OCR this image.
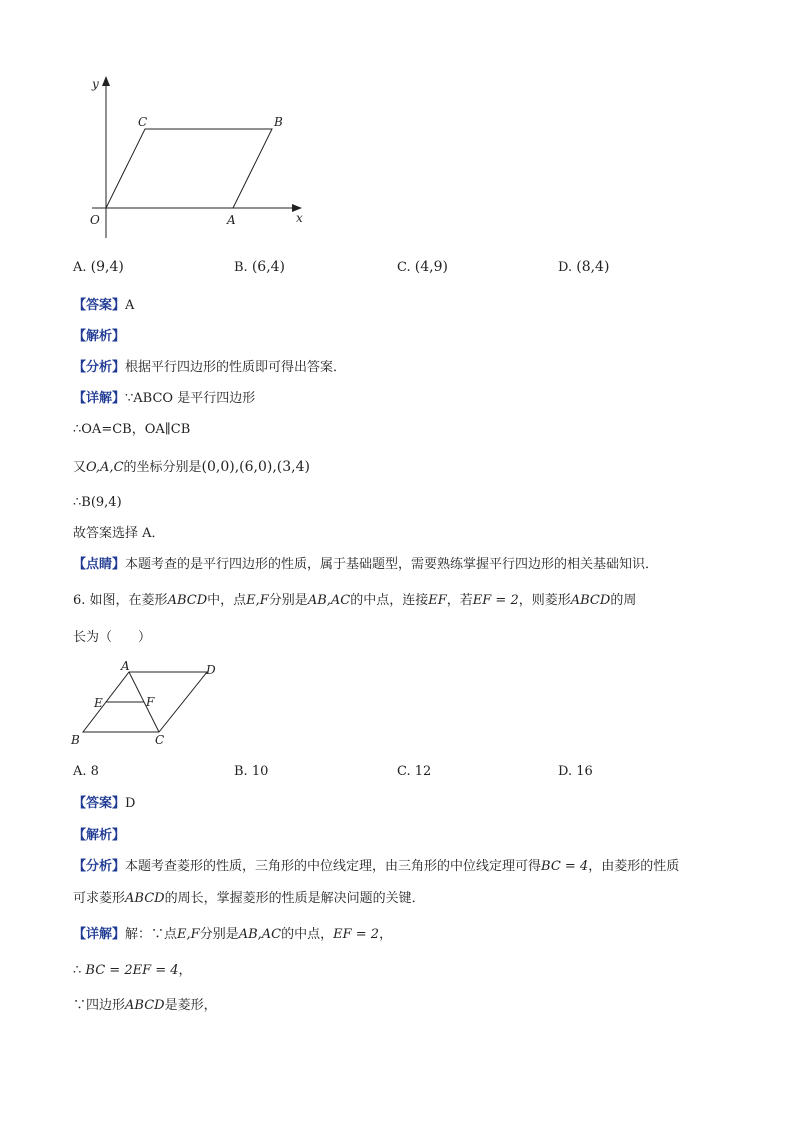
y
x
O	A
B
C
A. (9,4)	B. (6,4)	C. (4,9)	D. (8,4)
【答案】A
【解析】
【分析】根据平行四边形的性质即可得出答案．
【详解】∵ABCO 是平行四边形
∴OA=CB，OA∥CB
又O,A,C的坐标分别是(0,0),(6,0),(3,4)
∴B(9,4)
故答案选择 A．
【点睛】本题考查的是平行四边形的性质，属于基础题型，需要熟练掌握平行四边形的相关基础知识．
6. 如图，在菱形ABCD中，点E,F分别是AB,AC的中点，连接EF，若EF = 2，则菱形ABCD的周
长为（　　）
A	D
E	F
B	C
A. 8	B. 10	C. 12	D. 16
【答案】D
【解析】
【分析】本题考查菱形的性质，三角形的中位线定理，由三角形的中位线定理可得BC = 4，由菱形的性质
可求菱形ABCD的周长，掌握菱形的性质是解决问题的关键．
【详解】解：∵点E,F分别是AB,AC的中点，EF = 2，
∴ BC = 2EF = 4，
∵四边形ABCD是菱形，
